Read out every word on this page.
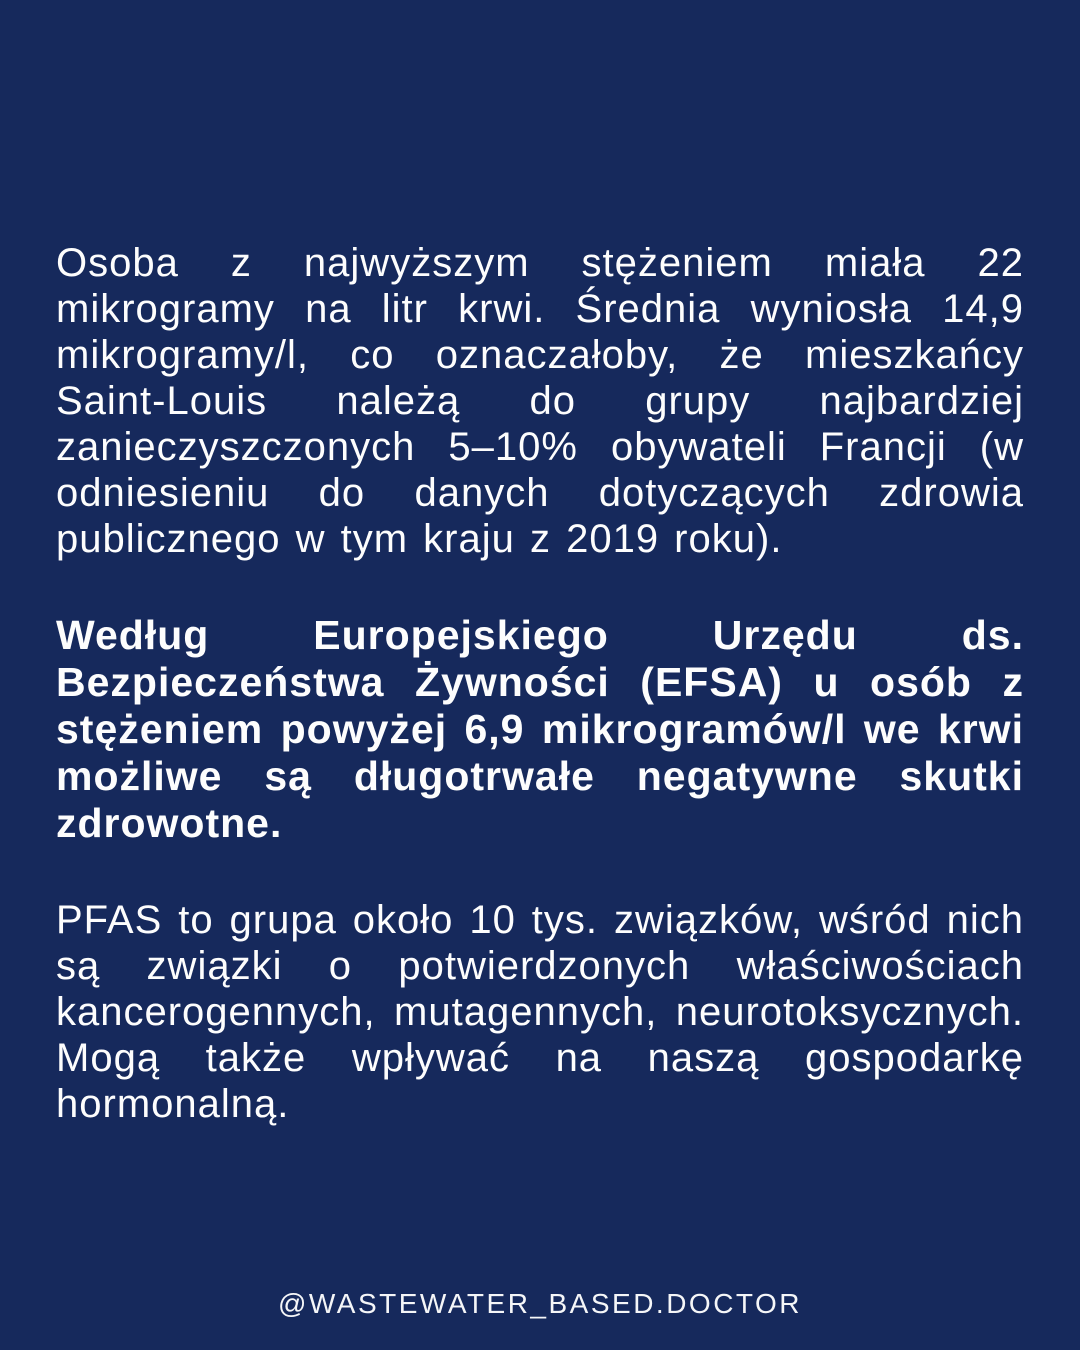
Osoba z najwyższym stężeniem miała 22 mikrogramy na litr krwi. Średnia wyniosła 14,9 mikrogramy/l, co oznaczałoby, że mieszkańcy Saint-Louis należą do grupy najbardziej zanieczyszczonych 5–10% obywateli Francji (w odniesieniu do danych dotyczących zdrowia publicznego w tym kraju z 2019 roku).

Według Europejskiego Urzędu ds. Bezpieczeństwa Żywności (EFSA) u osób z stężeniem powyżej 6,9 mikrogramów/l we krwi możliwe są długotrwałe negatywne skutki zdrowotne.

PFAS to grupa około 10 tys. związków, wśród nich są związki o potwierdzonych właściwościach kancerogennych, mutagennych, neurotoksycznych. Mogą także wpływać na naszą gospodarkę hormonalną.

@WASTEWATER_BASED.DOCTOR
